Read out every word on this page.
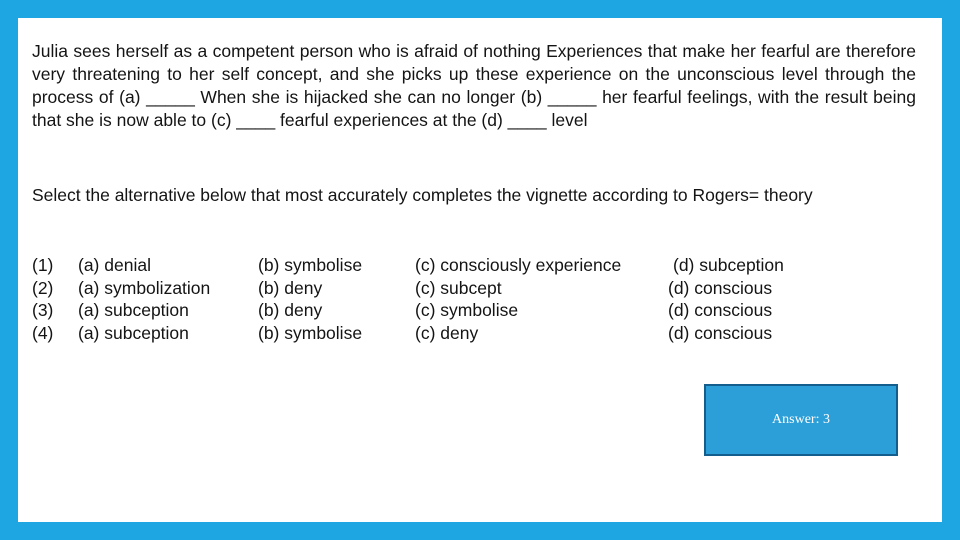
Julia sees herself as a competent person who is afraid of nothing Experiences that make her fearful are therefore very threatening to her self concept, and she picks up these experience on the unconscious level through the process of (a) _____ When she is hijacked she can no longer (b) _____ her fearful feelings, with the result being that she is now able to (c) ____ fearful experiences at the (d) ____ level
Select the alternative below that most accurately completes the vignette according to Rogers= theory
(1) (a) denial	(b) symbolise	(c) consciously experience	(d) subception
(2) (a) symbolization	(b) deny	(c) subcept	(d) conscious
(3) (a) subception	(b) deny	(c) symbolise	(d) conscious
(4) (a) subception	(b) symbolise	(c) deny	(d) conscious
Answer: 3
